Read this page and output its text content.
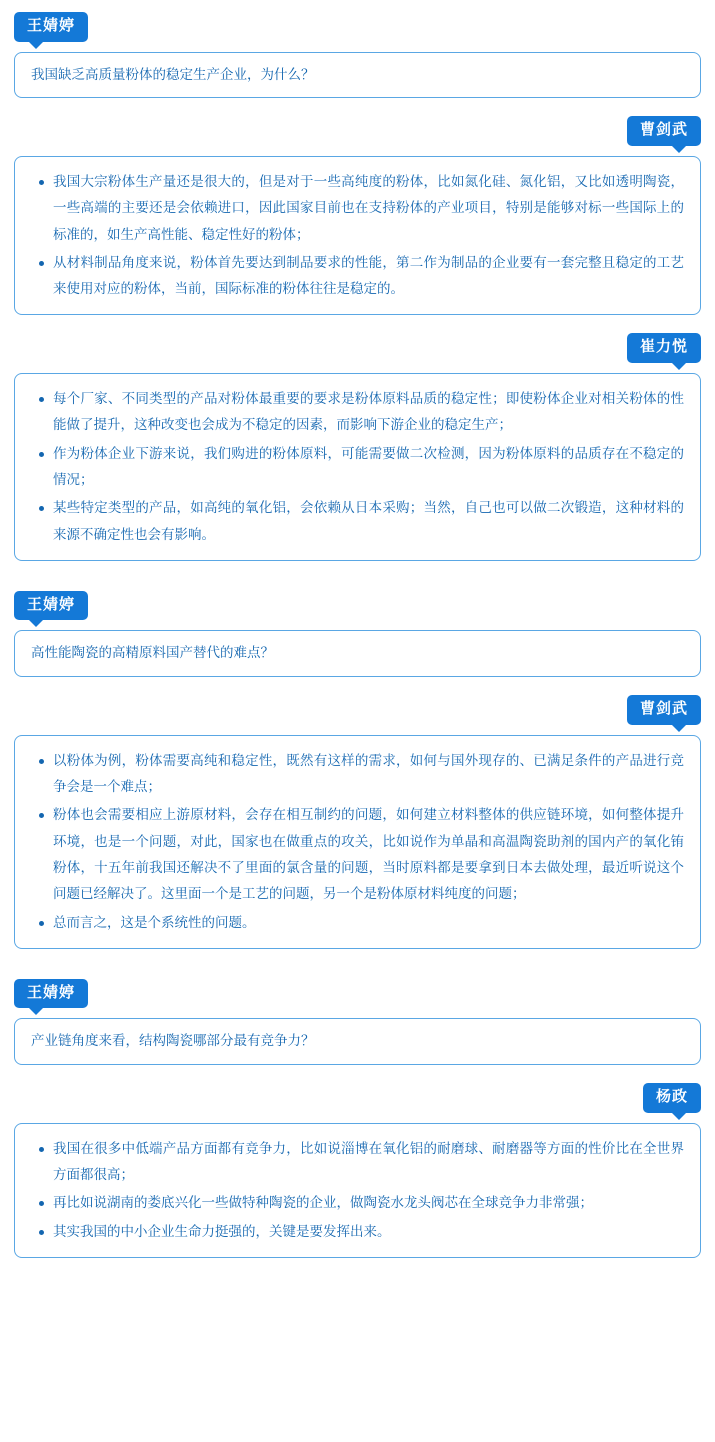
王婧婷

我国缺乏高质量粉体的稳定生产企业，为什么？

曹剑武
我国大宗粉体生产量还是很大的，但是对于一些高纯度的粉体，比如氮化硅、氮化铝，又比如透明陶瓷，一些高端的主要还是会依赖进口，因此国家目前也在支持粉体的产业项目，特别是能够对标一些国际上的标准的，如生产高性能、稳定性好的粉体；
从材料制品角度来说，粉体首先要达到制品要求的性能，第二作为制品的企业要有一套完整且稳定的工艺来使用对应的粉体，当前，国际标准的粉体往往是稳定的。
崔力悦
每个厂家、不同类型的产品对粉体最重要的要求是粉体原料品质的稳定性；即使粉体企业对相关粉体的性能做了提升，这种改变也会成为不稳定的因素，而影响下游企业的稳定生产；
作为粉体企业下游来说，我们购进的粉体原料，可能需要做二次检测，因为粉体原料的品质存在不稳定的情况；
某些特定类型的产品，如高纯的氧化铝，会依赖从日本采购；当然，自己也可以做二次锻造，这种材料的来源不确定性也会有影响。
王婧婷

高性能陶瓷的高精原料国产替代的难点？

曹剑武
以粉体为例，粉体需要高纯和稳定性，既然有这样的需求，如何与国外现存的、已满足条件的产品进行竞争会是一个难点；
粉体也会需要相应上游原材料，会存在相互制约的问题，如何建立材料整体的供应链环境，如何整体提升环境，也是一个问题，对此，国家也在做重点的攻关，比如说作为单晶和高温陶瓷助剂的国内产的氧化铕粉体，十五年前我国还解决不了里面的氯含量的问题，当时原料都是要拿到日本去做处理，最近听说这个问题已经解决了。这里面一个是工艺的问题，另一个是粉体原材料纯度的问题；
总而言之，这是个系统性的问题。
王婧婷

产业链角度来看，结构陶瓷哪部分最有竞争力？

杨政
我国在很多中低端产品方面都有竞争力，比如说淄博在氧化铝的耐磨球、耐磨器等方面的性价比在全世界方面都很高；
再比如说湖南的娄底兴化一些做特种陶瓷的企业，做陶瓷水龙头阀芯在全球竞争力非常强；
其实我国的中小企业生命力挺强的，关键是要发挥出来。
